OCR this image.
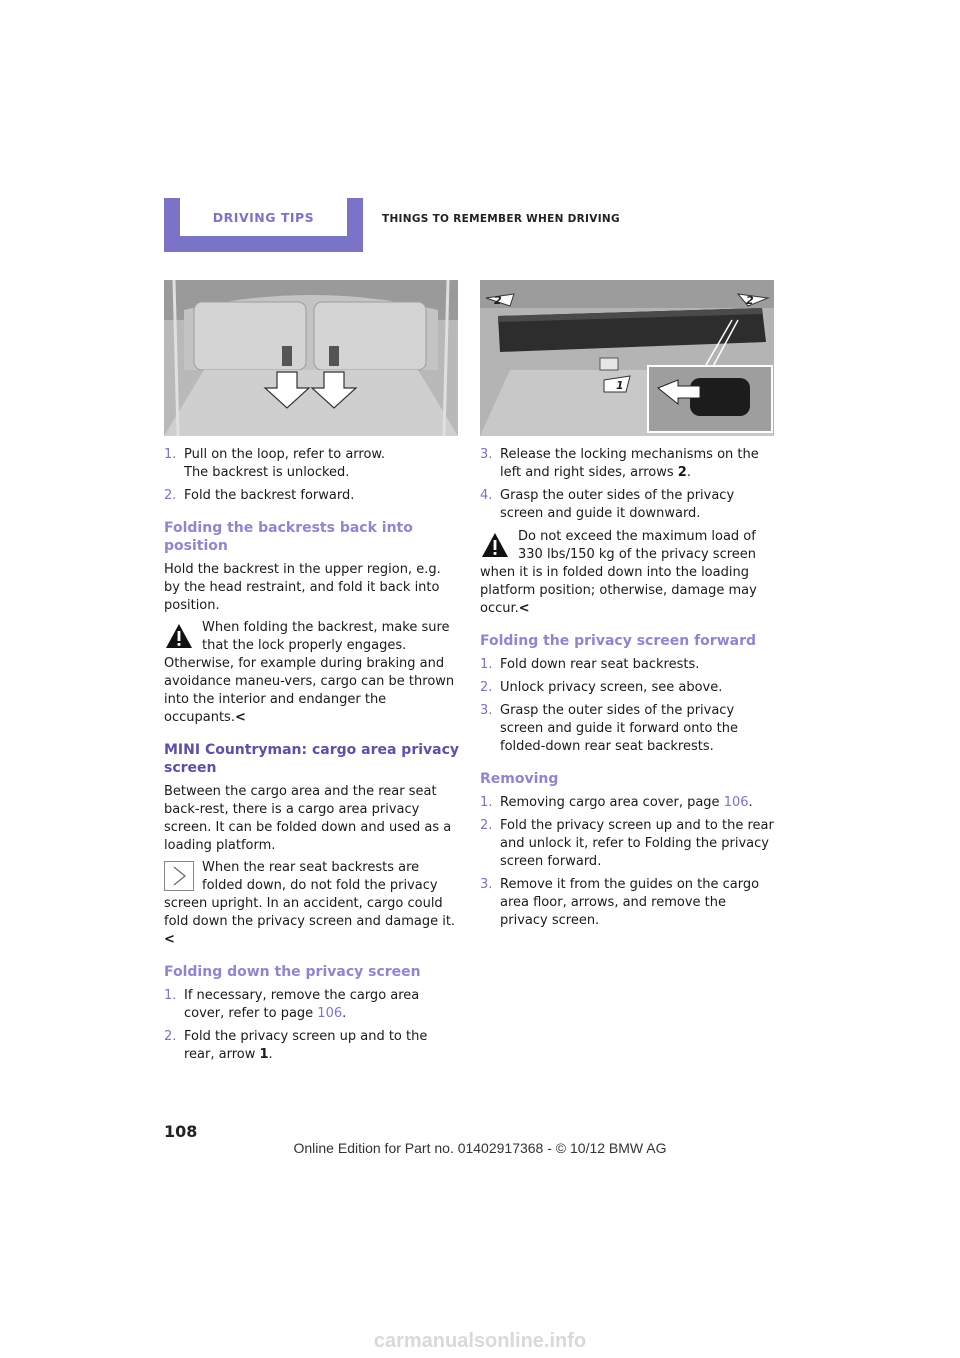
DRIVING TIPS	THINGS TO REMEMBER WHEN DRIVING
1. Pull on the loop, refer to arrow.
The backrest is unlocked.
2. Fold the backrest forward.
Folding the backrests back into position

Hold the backrest in the upper region, e.g. by the head restraint, and fold it back into position.

When folding the backrest, make sure that the lock properly engages. Otherwise, for example during braking and avoidance maneu-vers, cargo can be thrown into the interior and endanger the occupants.<

MINI Countryman: cargo area privacy screen

Between the cargo area and the rear seat back-rest, there is a cargo area privacy screen. It can be folded down and used as a loading platform.

When the rear seat backrests are folded down, do not fold the privacy screen upright. In an accident, cargo could fold down the privacy screen and damage it.<

Folding down the privacy screen
1. If necessary, remove the cargo area cover, refer to page 106.
2. Fold the privacy screen up and to the rear, arrow 1.
2	2
1
3. Release the locking mechanisms on the left and right sides, arrows 2.
4. Grasp the outer sides of the privacy screen and guide it downward.

Do not exceed the maximum load of 330 lbs/150 kg of the privacy screen when it is in folded down into the loading platform position; otherwise, damage may occur.<

Folding the privacy screen forward
1. Fold down rear seat backrests.
2. Unlock privacy screen, see above.
3. Grasp the outer sides of the privacy screen and guide it forward onto the folded-down rear seat backrests.
Removing
1. Removing cargo area cover, page 106.
2. Fold the privacy screen up and to the rear and unlock it, refer to Folding the privacy screen forward.
3. Remove it from the guides on the cargo area floor, arrows, and remove the privacy screen.
108
Online Edition for Part no. 01402917368 - © 10/12 BMW AG
carmanualsonline.info
